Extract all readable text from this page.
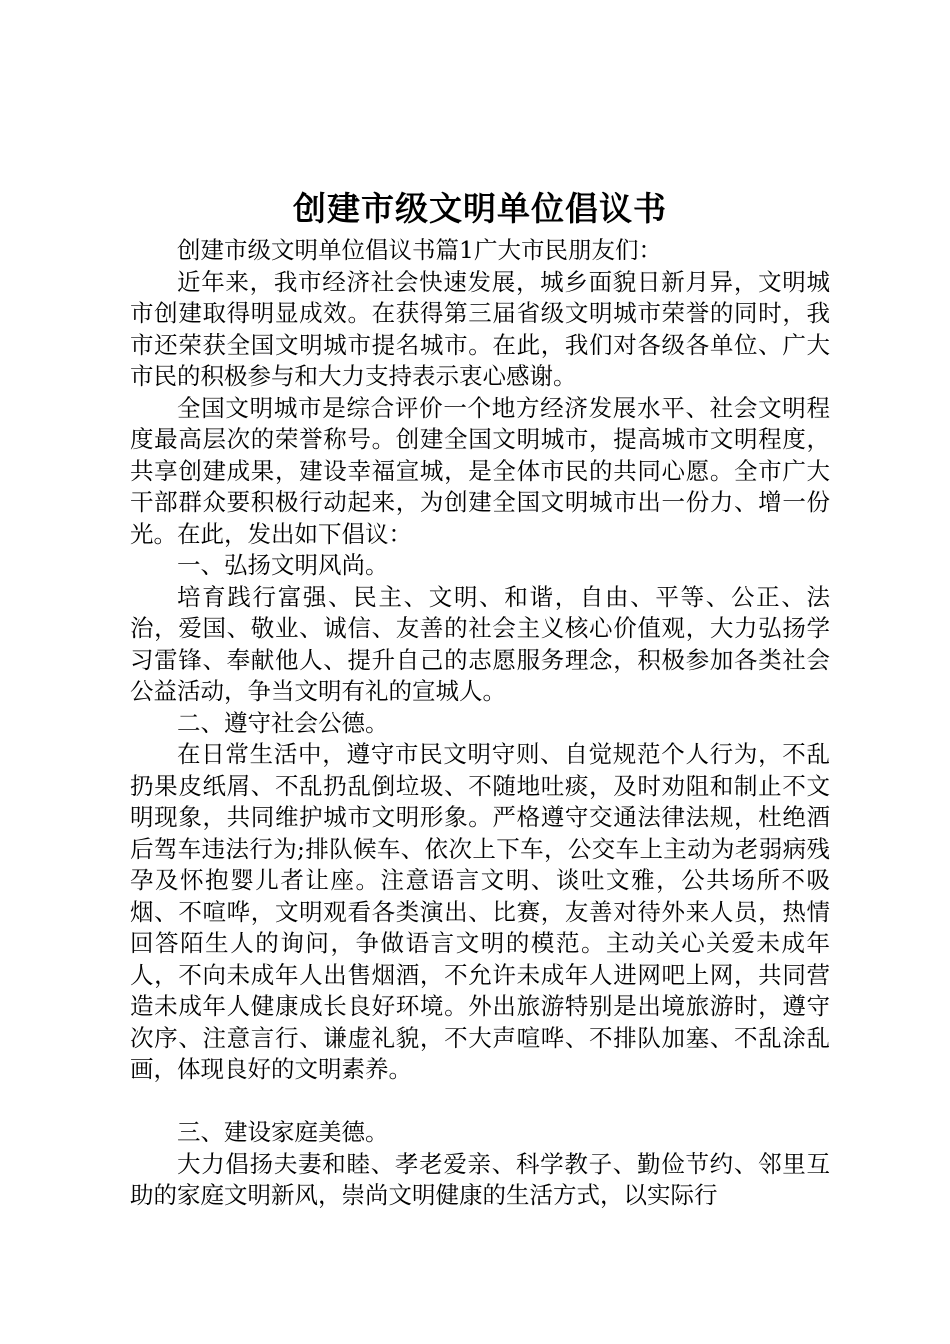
创建市级文明单位倡议书

创建市级文明单位倡议书篇1广大市民朋友们：

近年来，我市经济社会快速发展，城乡面貌日新月异，文明城市创建取得明显成效。在获得第三届省级文明城市荣誉的同时，我市还荣获全国文明城市提名城市。在此，我们对各级各单位、广大市民的积极参与和大力支持表示衷心感谢。

全国文明城市是综合评价一个地方经济发展水平、社会文明程度最高层次的荣誉称号。创建全国文明城市，提高城市文明程度，共享创建成果，建设幸福宣城，是全体市民的共同心愿。全市广大干部群众要积极行动起来，为创建全国文明城市出一份力、增一份光。在此，发出如下倡议：

一、弘扬文明风尚。

培育践行富强、民主、文明、和谐，自由、平等、公正、法治，爱国、敬业、诚信、友善的社会主义核心价值观，大力弘扬学习雷锋、奉献他人、提升自己的志愿服务理念，积极参加各类社会公益活动，争当文明有礼的宣城人。

二、遵守社会公德。

在日常生活中，遵守市民文明守则、自觉规范个人行为，不乱扔果皮纸屑、不乱扔乱倒垃圾、不随地吐痰，及时劝阻和制止不文明现象，共同维护城市文明形象。严格遵守交通法律法规，杜绝酒后驾车违法行为;排队候车、依次上下车，公交车上主动为老弱病残孕及怀抱婴儿者让座。注意语言文明、谈吐文雅，公共场所不吸烟、不喧哗，文明观看各类演出、比赛，友善对待外来人员，热情回答陌生人的询问，争做语言文明的模范。主动关心关爱未成年人，不向未成年人出售烟酒，不允许未成年人进网吧上网，共同营造未成年人健康成长良好环境。外出旅游特别是出境旅游时，遵守次序、注意言行、谦虚礼貌，不大声喧哗、不排队加塞、不乱涂乱画，体现良好的文明素养。

三、建设家庭美德。

大力倡扬夫妻和睦、孝老爱亲、科学教子、勤俭节约、邻里互助的家庭文明新风，崇尚文明健康的生活方式，以实际行
